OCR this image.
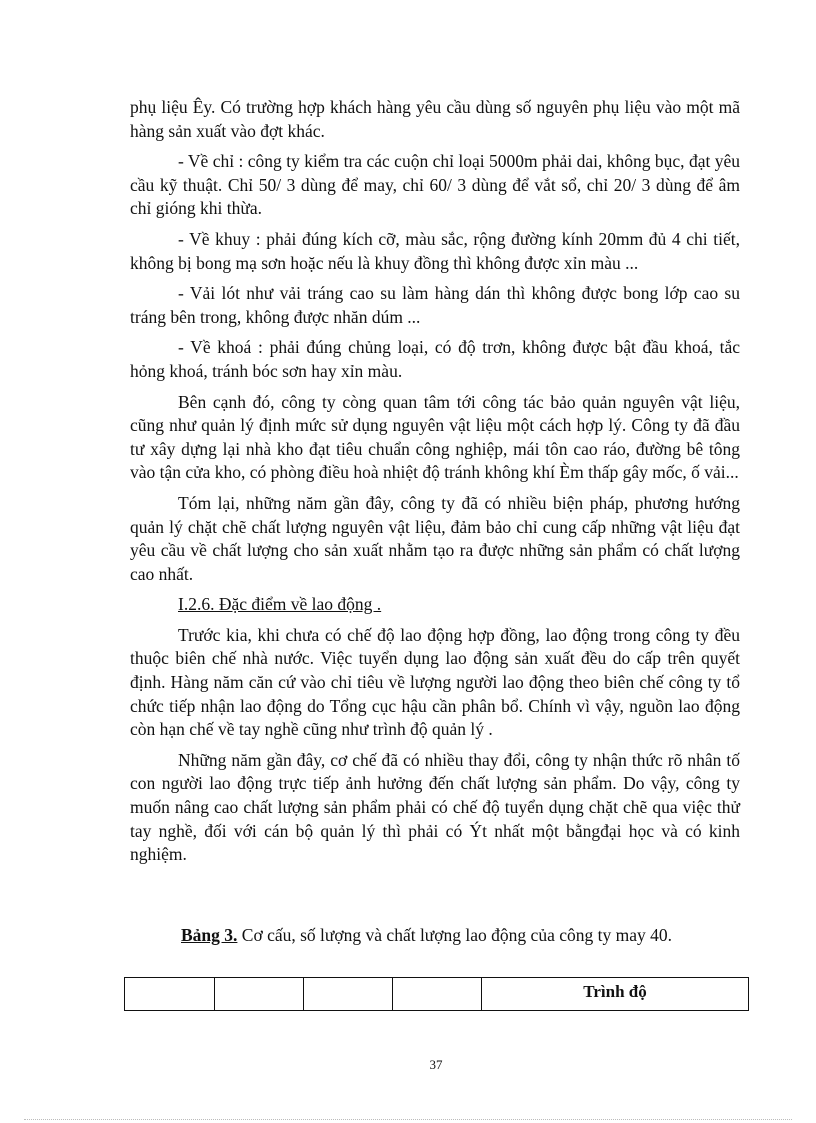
phụ liệu Êy. Có trường hợp khách hàng yêu cầu dùng số nguyên phụ liệu vào một mã hàng sản xuất vào đợt khác.

- Về chỉ : công ty kiểm tra các cuộn chỉ loại 5000m phải dai, không bục, đạt yêu cầu kỹ thuật. Chỉ 50/ 3 dùng để may, chỉ 60/ 3 dùng để vắt sổ, chỉ 20/ 3 dùng để âm chỉ gióng khi thừa.

- Về khuy : phải đúng kích cỡ, màu sắc, rộng đường kính 20mm đủ 4 chi tiết, không bị bong mạ sơn hoặc nếu là khuy đồng thì không được xỉn màu ...

- Vải lót như vải tráng cao su làm hàng dán thì không được bong lớp cao su tráng bên trong, không được nhăn dúm ...

- Về khoá : phải đúng chủng loại, có độ trơn, không được bật đầu khoá, tắc hỏng khoá, tránh bóc sơn hay xỉn màu.

Bên cạnh đó, công ty còng quan tâm tới công tác bảo quản nguyên vật liệu, cũng như quản lý định mức sử dụng nguyên vật liệu một cách hợp lý. Công ty đã đầu tư xây dựng lại nhà kho đạt tiêu chuẩn công nghiệp, mái tôn cao ráo, đường bê tông vào tận cửa kho, có phòng điều hoà nhiệt độ tránh không khí Èm thấp gây mốc, ố vải...

Tóm lại, những năm gần đây, công ty đã có nhiều biện pháp, phương hướng quản lý chặt chẽ chất lượng nguyên vật liệu, đảm bảo chỉ cung cấp những vật liệu đạt yêu cầu về chất lượng cho sản xuất nhằm tạo ra được những sản phẩm có chất lượng cao nhất.

I.2.6. Đặc điểm về lao động .

Trước kia, khi chưa có chế độ lao động hợp đồng, lao động trong công ty đều thuộc biên chế nhà nước. Việc tuyển dụng lao động sản xuất đều do cấp trên quyết định. Hàng năm căn cứ vào chỉ tiêu về lượng người lao động theo biên chế công ty tổ chức tiếp nhận lao động do Tổng cục hậu cần phân bổ. Chính vì vậy, nguồn lao động còn hạn chế về tay nghề cũng như trình độ quản lý .

Những năm gần đây, cơ chế đã có nhiều thay đổi, công ty nhận thức rõ nhân tố con người lao động trực tiếp ảnh hưởng đến chất lượng sản phẩm. Do vậy, công ty muốn nâng cao chất lượng sản phẩm phải có chế độ tuyển dụng chặt chẽ qua việc thử tay nghề, đối với cán bộ quản lý thì phải có Ýt nhất một bằngđại học và có kinh nghiệm.

Bảng 3. Cơ cấu, số lượng và chất lượng lao động của công ty may 40.
				Trình độ
37
